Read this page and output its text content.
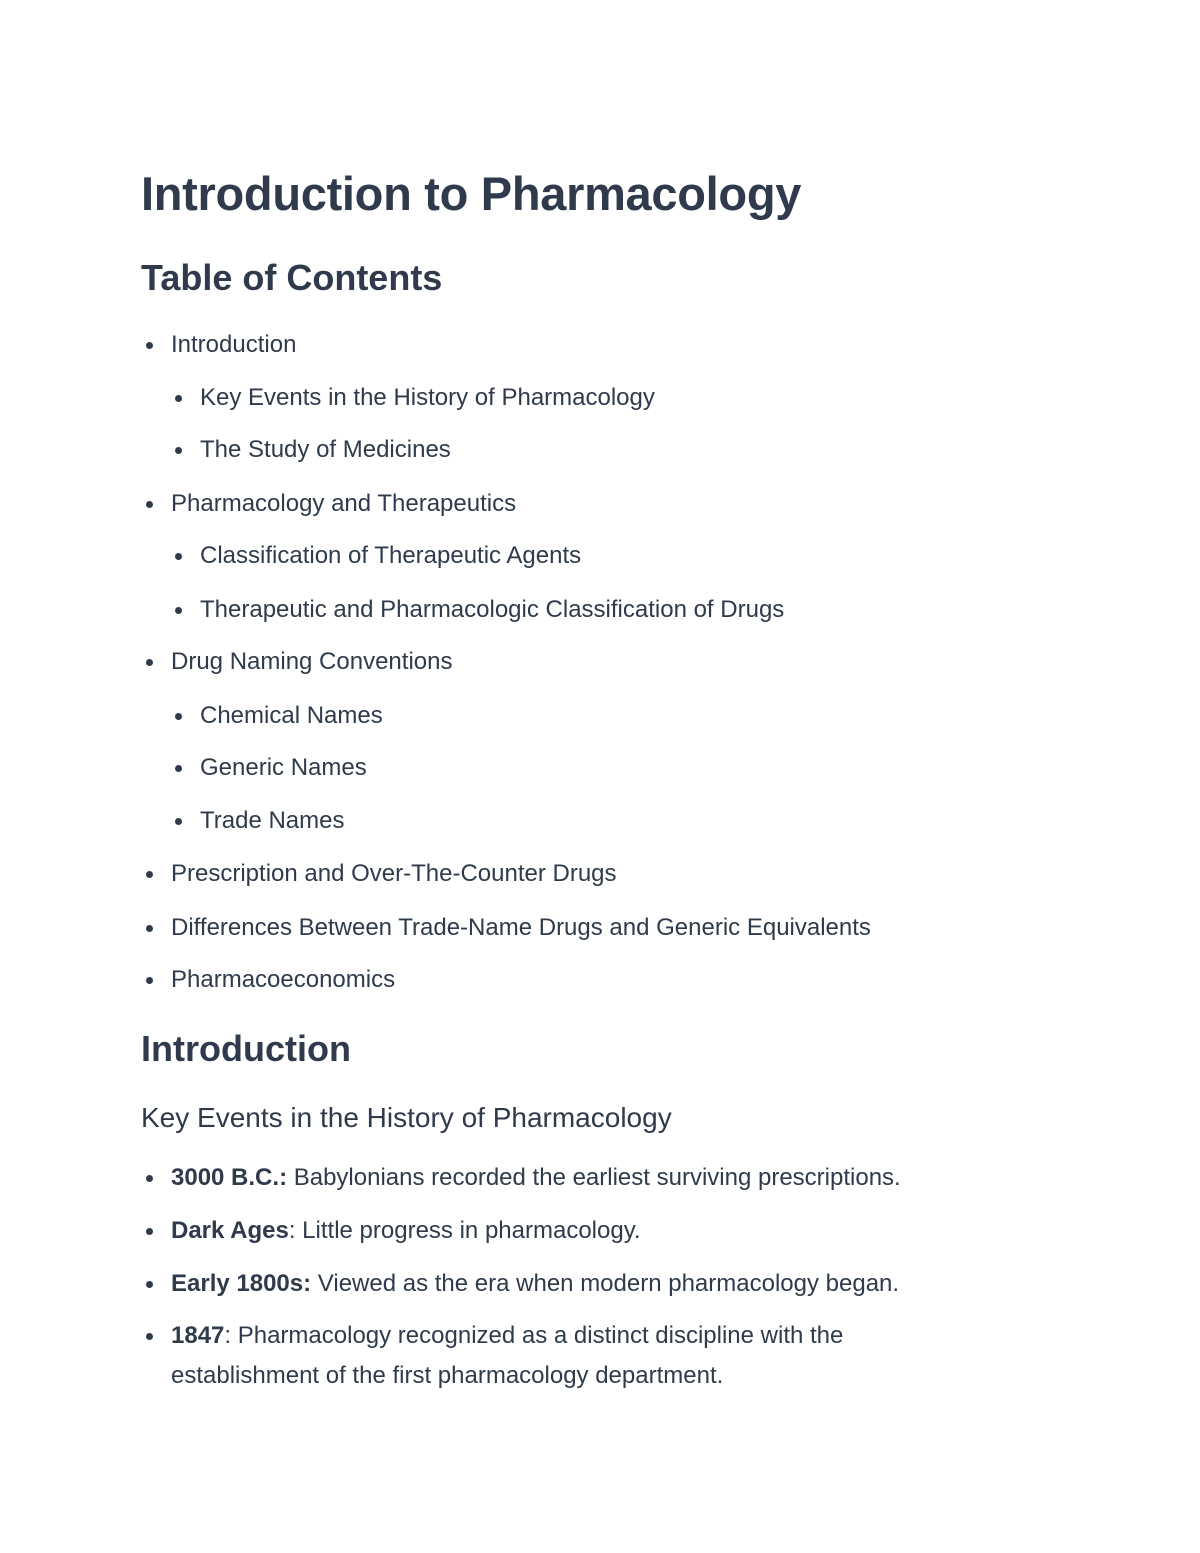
Introduction to Pharmacology
Table of Contents
Introduction
Key Events in the History of Pharmacology
The Study of Medicines
Pharmacology and Therapeutics
Classification of Therapeutic Agents
Therapeutic and Pharmacologic Classification of Drugs
Drug Naming Conventions
Chemical Names
Generic Names
Trade Names
Prescription and Over-The-Counter Drugs
Differences Between Trade-Name Drugs and Generic Equivalents
Pharmacoeconomics
Introduction
Key Events in the History of Pharmacology
3000 B.C.: Babylonians recorded the earliest surviving prescriptions.
Dark Ages: Little progress in pharmacology.
Early 1800s: Viewed as the era when modern pharmacology began.
1847: Pharmacology recognized as a distinct discipline with the establishment of the first pharmacology department.
